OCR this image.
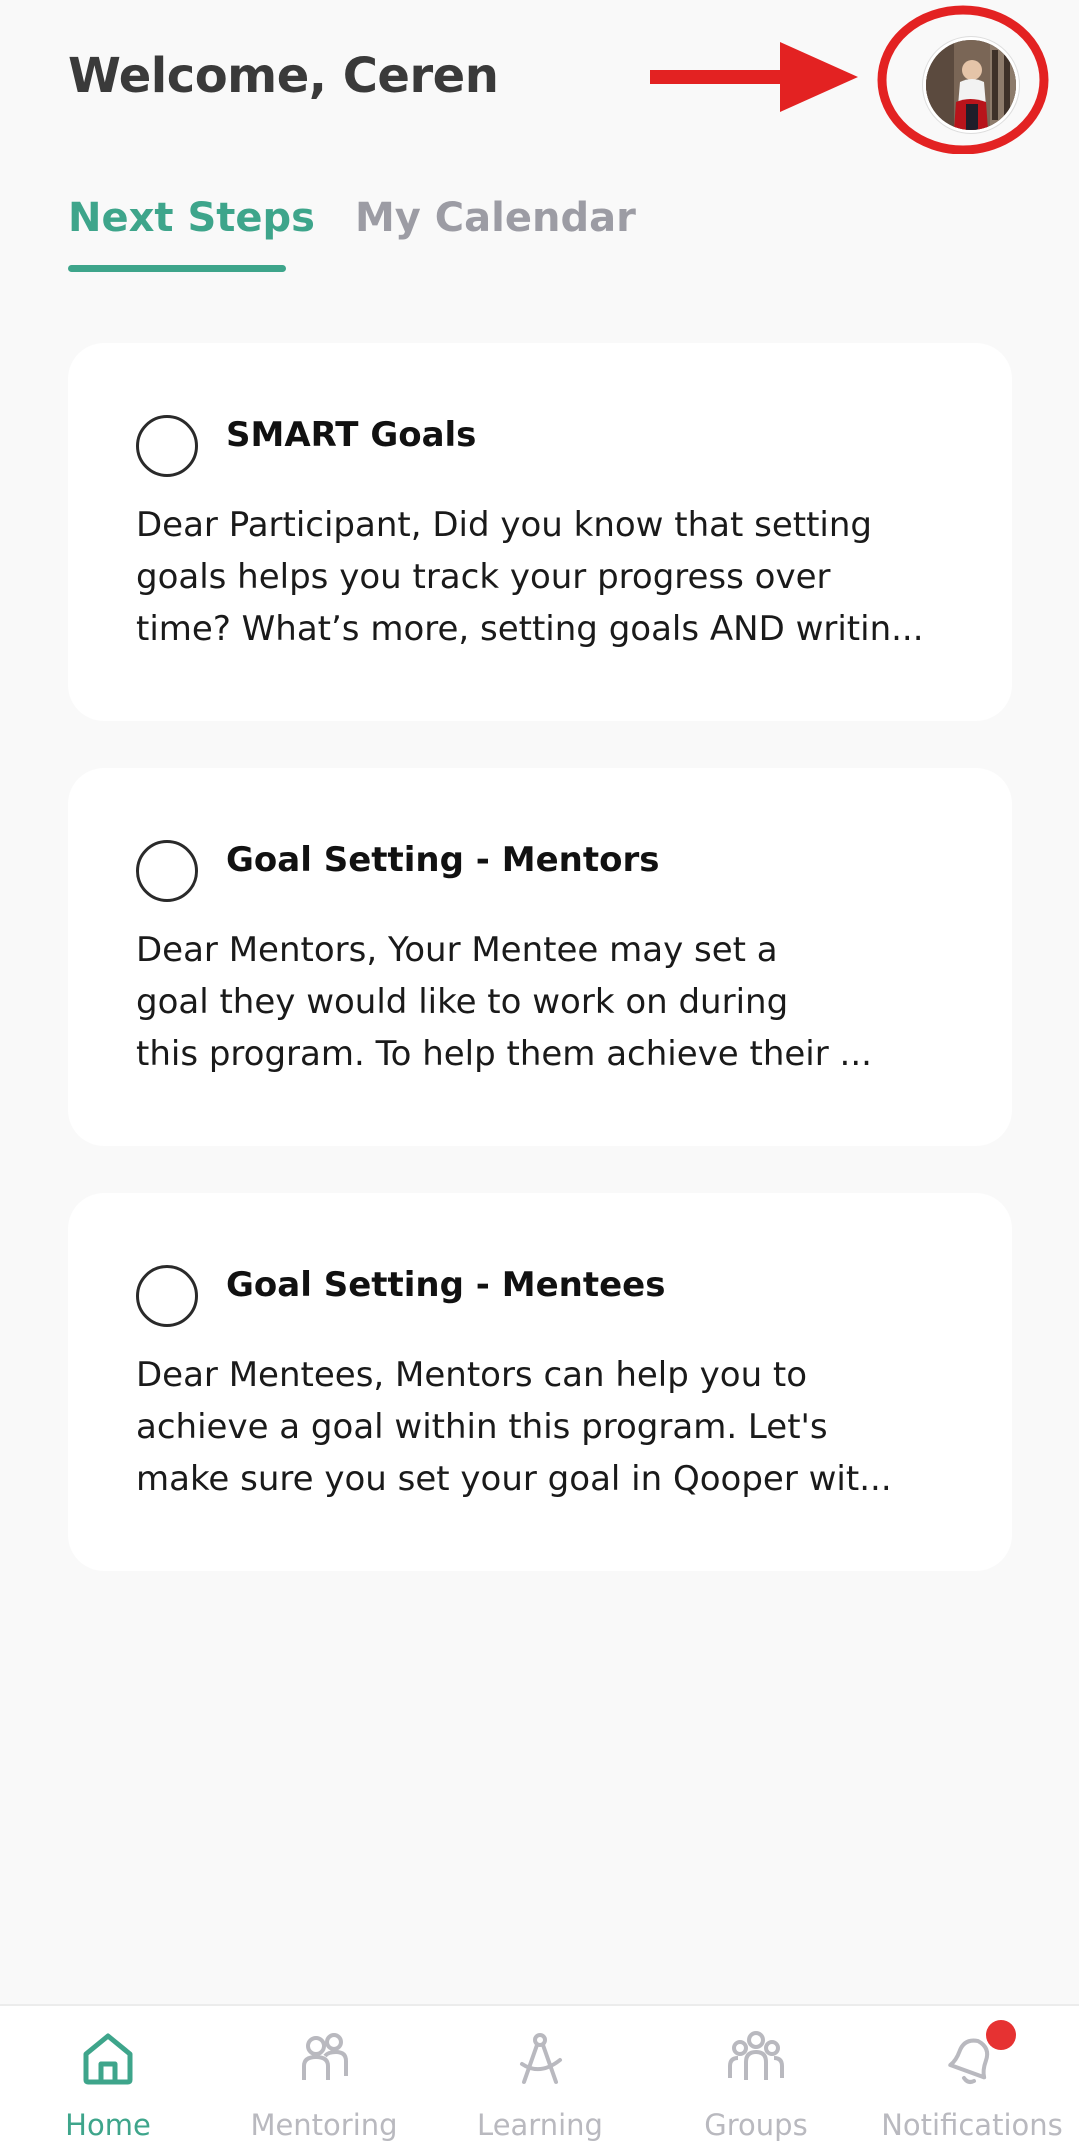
Welcome, Ceren
Next Steps My Calendar
SMART Goals
Dear Participant, Did you know that setting
goals helps you track your progress over
time? What’s more, setting goals AND writin...
Goal Setting - Mentors
Dear Mentors, Your Mentee may set a
goal they would like to work on during
this program. To help them achieve their ...
Goal Setting - Mentees
Dear Mentees, Mentors can help you to
achieve a goal within this program. Let's
make sure you set your goal in Qooper wit...
Home	Mentoring	Learning	Groups	Notifications
